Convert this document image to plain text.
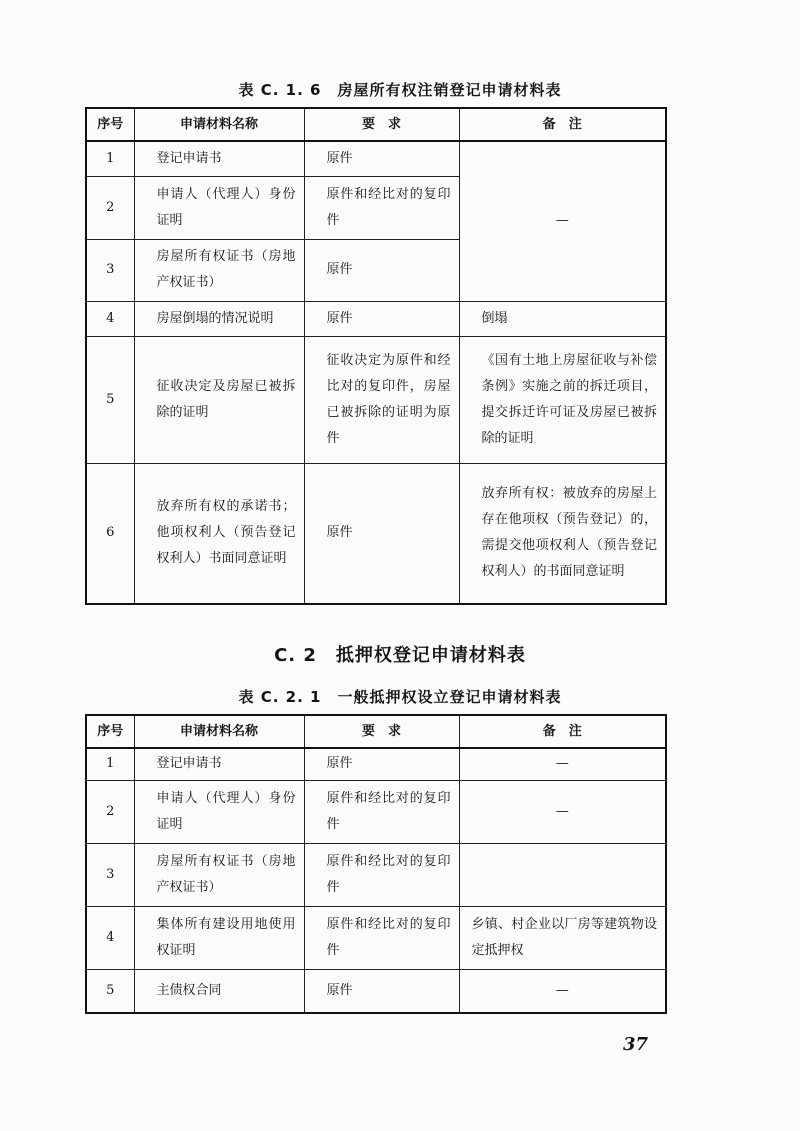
表 C. 1. 6　房屋所有权注销登记申请材料表
序号	申请材料名称	要　求	备　注
1	登记申请书	原件	—
2	申请人（代理人）身份证明	原件和经比对的复印件	
3	房屋所有权证书（房地产权证书）	原件	
4	房屋倒塌的情况说明	原件	倒塌
5	征收决定及房屋已被拆除的证明	征收决定为原件和经比对的复印件，房屋已被拆除的证明为原件	《国有土地上房屋征收与补偿条例》实施之前的拆迁项目，提交拆迁许可证及房屋已被拆除的证明
6	放弃所有权的承诺书；他项权利人（预告登记权利人）书面同意证明	原件	放弃所有权：被放弃的房屋上存在他项权（预告登记）的，需提交他项权利人（预告登记权利人）的书面同意证明
C. 2　抵押权登记申请材料表
表 C. 2. 1　一般抵押权设立登记申请材料表
序号	申请材料名称	要　求	备　注
1	登记申请书	原件	—
2	申请人（代理人）身份证明	原件和经比对的复印件	—
3	房屋所有权证书（房地产权证书）	原件和经比对的复印件	
4	集体所有建设用地使用权证明	原件和经比对的复印件	乡镇、村企业以厂房等建筑物设定抵押权
5	主债权合同	原件	—
37
